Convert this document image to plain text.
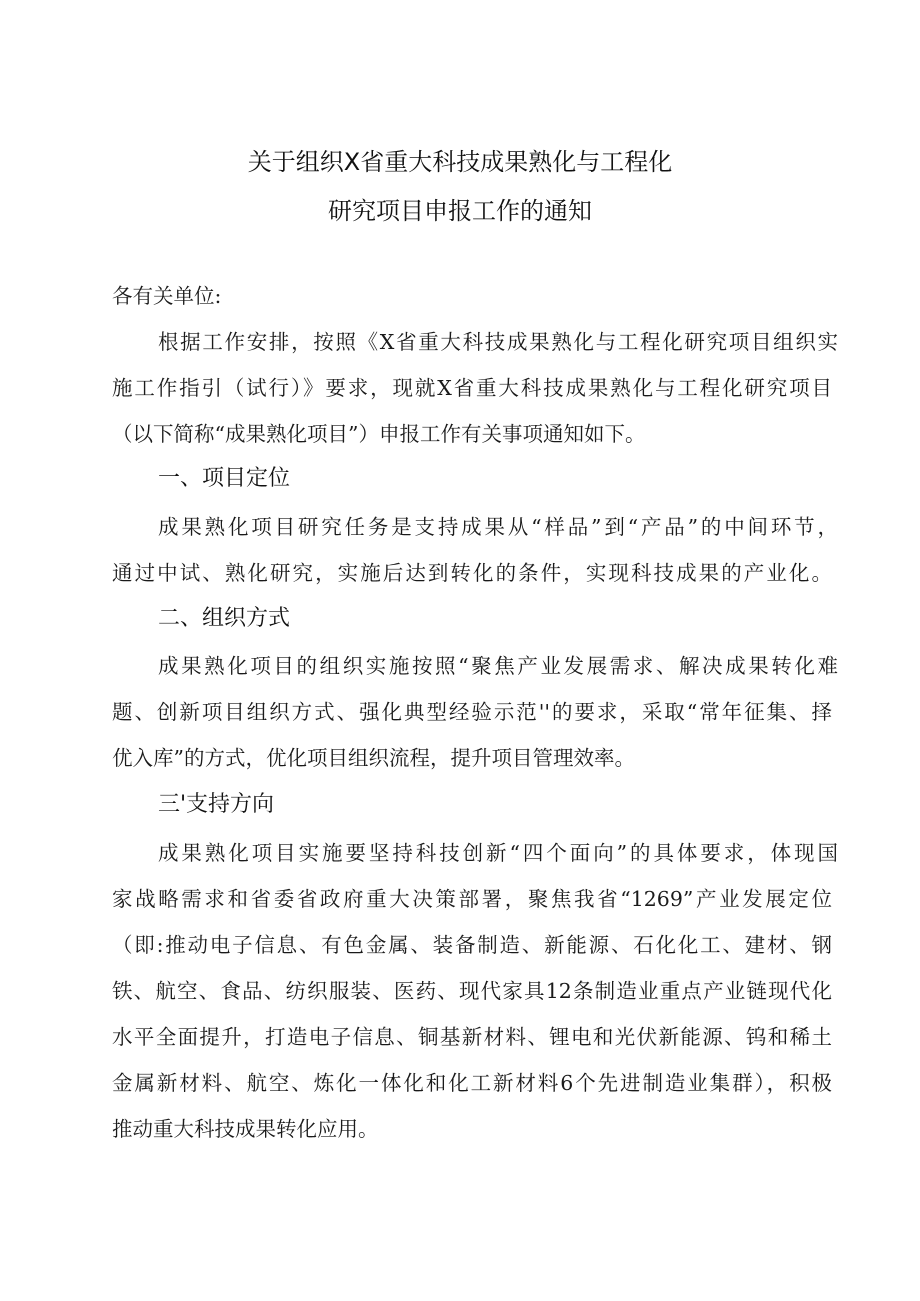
关于组织X省重大科技成果熟化与工程化
研究项目申报工作的通知
各有关单位:
根据工作安排，按照《X省重大科技成果熟化与工程化研究项目组织实
施工作指引（试行）》要求，现就X省重大科技成果熟化与工程化研究项目
（以下简称“成果熟化项目”）申报工作有关事项通知如下。
一、项目定位
成果熟化项目研究任务是支持成果从“样品”到“产品”的中间环节，
通过中试、熟化研究，实施后达到转化的条件，实现科技成果的产业化。
二、组织方式
成果熟化项目的组织实施按照“聚焦产业发展需求、解决成果转化难
题、创新项目组织方式、强化典型经验示范''的要求，采取“常年征集、择
优入库”的方式，优化项目组织流程，提升项目管理效率。
三'支持方向
成果熟化项目实施要坚持科技创新“四个面向”的具体要求，体现国
家战略需求和省委省政府重大决策部署，聚焦我省“1269”产业发展定位
（即:推动电子信息、有色金属、装备制造、新能源、石化化工、建材、钢
铁、航空、食品、纺织服装、医药、现代家具12条制造业重点产业链现代化
水平全面提升，打造电子信息、铜基新材料、锂电和光伏新能源、钨和稀土
金属新材料、航空、炼化一体化和化工新材料6个先进制造业集群），积极
推动重大科技成果转化应用。
